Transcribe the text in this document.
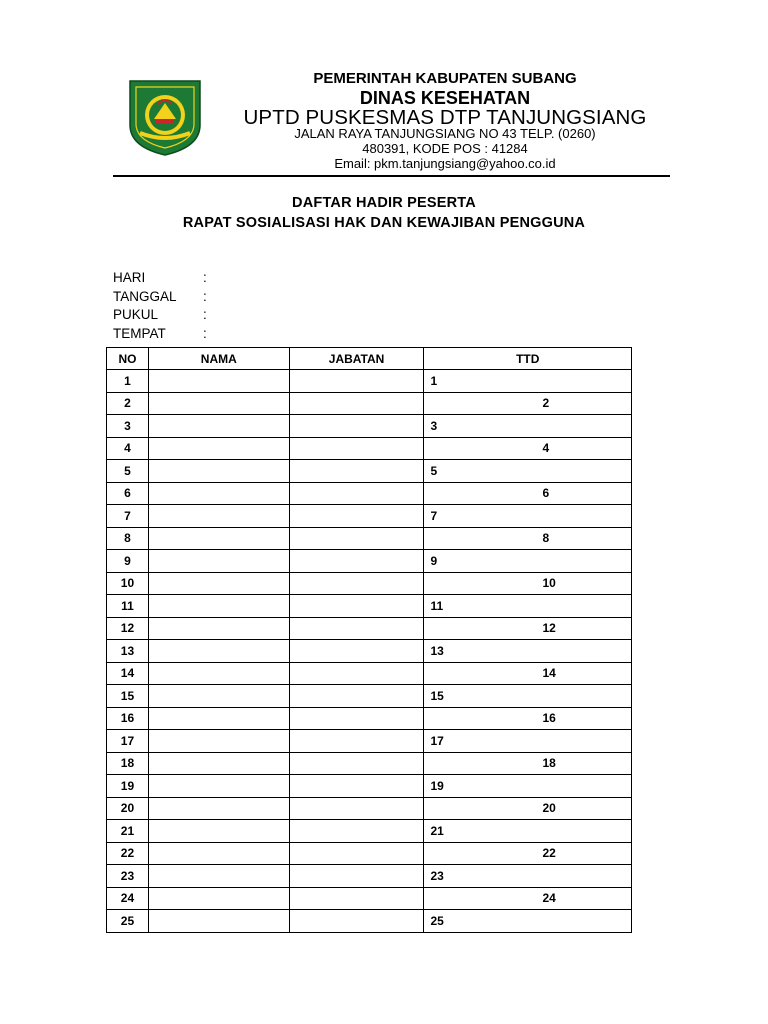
PEMERINTAH KABUPATEN SUBANG
DINAS KESEHATAN
UPTD PUSKESMAS DTP TANJUNGSIANG
JALAN RAYA TANJUNGSIANG NO 43 TELP. (0260)
480391, KODE POS : 41284
Email: pkm.tanjungsiang@yahoo.co.id
DAFTAR HADIR PESERTA
RAPAT SOSIALISASI HAK DAN KEWAJIBAN PENGGUNA
HARI	:
TANGGAL	:
PUKUL	:
TEMPAT	:
NO	NAMA	JABATAN	TTD
1			1

2			2

3			3

4			4

5			5

6			6

7			7

8			8

9			9

10			10

11			11

12			12

13			13

14			14

15			15

16			16

17			17

18			18

19			19

20			20

21			21

22			22

23			23

24			24

25			25
